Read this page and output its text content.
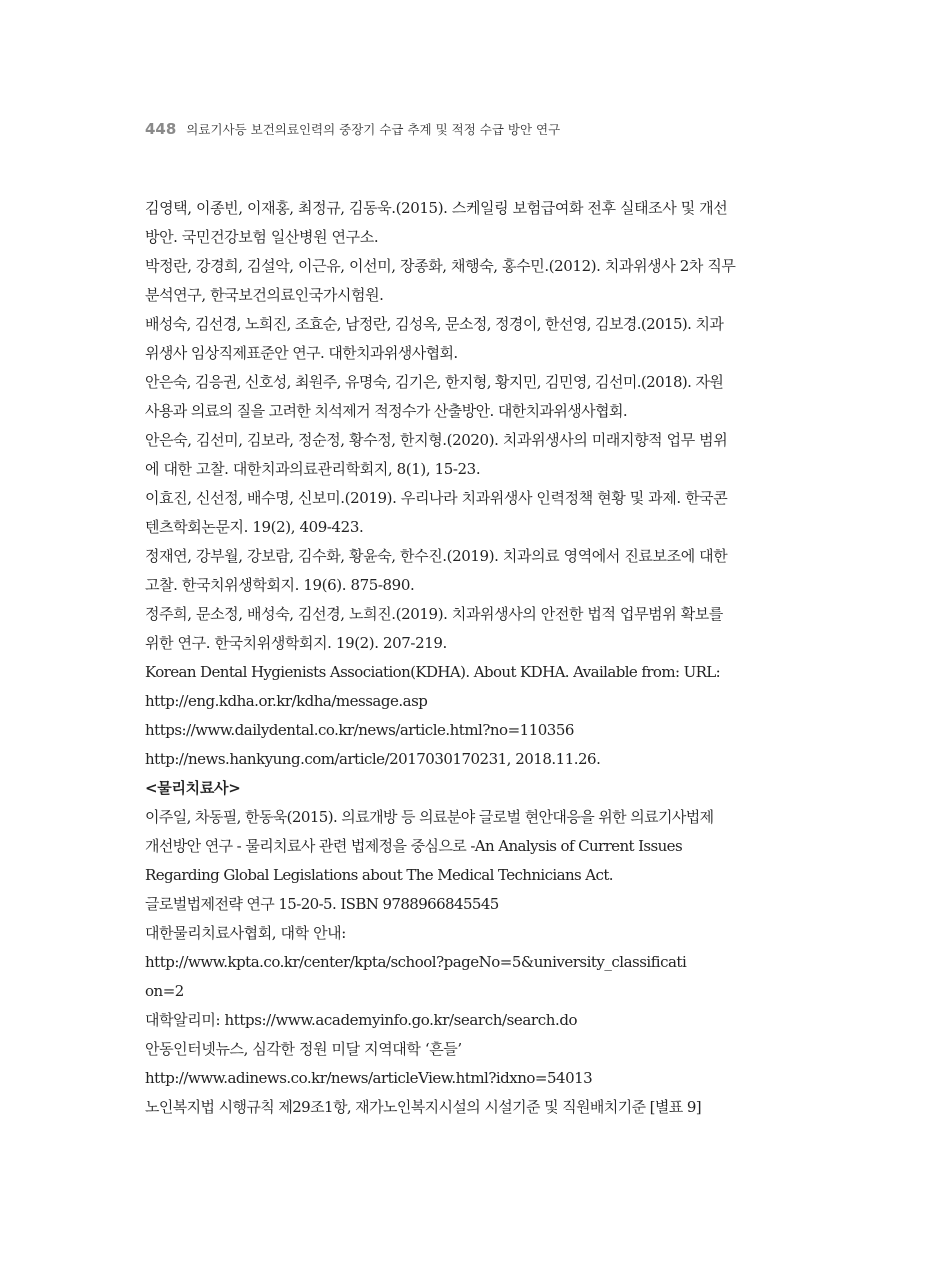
448 의료기사등 보건의료인력의 중장기 수급 추계 및 적정 수급 방안 연구
김영택, 이종빈, 이재홍, 최정규, 김동욱.(2015). 스케일링 보험급여화 전후 실태조사 및 개선
방안. 국민건강보험 일산병원 연구소.
박정란, 강경희, 김설악, 이근유, 이선미, 장종화, 채행숙, 홍수민.(2012). 치과위생사 2차 직무
분석연구, 한국보건의료인국가시험원.
배성숙, 김선경, 노희진, 조효순, 남정란, 김성옥, 문소정, 정경이, 한선영, 김보경.(2015). 치과
위생사 임상직제표준안 연구. 대한치과위생사협회.
안은숙, 김응권, 신호성, 최원주, 유명숙, 김기은, 한지형, 황지민, 김민영, 김선미.(2018). 자원
사용과 의료의 질을 고려한 치석제거 적정수가 산출방안. 대한치과위생사협회.
안은숙, 김선미, 김보라, 정순정, 황수정, 한지형.(2020). 치과위생사의 미래지향적 업무 범위
에 대한 고찰. 대한치과의료관리학회지, 8(1), 15-23.
이효진, 신선정, 배수명, 신보미.(2019). 우리나라 치과위생사 인력정책 현황 및 과제. 한국콘
텐츠학회논문지. 19(2), 409-423.
정재연, 강부월, 강보람, 김수화, 황윤숙, 한수진.(2019). 치과의료 영역에서 진료보조에 대한
고찰. 한국치위생학회지. 19(6). 875-890.
정주희, 문소정, 배성숙, 김선경, 노희진.(2019). 치과위생사의 안전한 법적 업무범위 확보를
위한 연구. 한국치위생학회지. 19(2). 207-219.
Korean Dental Hygienists Association(KDHA). About KDHA. Available from: URL:
http://eng.kdha.or.kr/kdha/message.asp
https://www.dailydental.co.kr/news/article.html?no=110356
http://news.hankyung.com/article/2017030170231, 2018.11.26.
<물리치료사>
이주일, 차동필, 한동욱(2015). 의료개방 등 의료분야 글로벌 현안대응을 위한 의료기사법제
개선방안 연구 - 물리치료사 관련 법제정을 중심으로 -An Analysis of Current Issues
Regarding Global Legislations about The Medical Technicians Act.
글로벌법제전략 연구 15-20-5. ISBN 9788966845545
대한물리치료사협회, 대학 안내:
http://www.kpta.co.kr/center/kpta/school?pageNo=5&university_classificati
on=2
대학알리미: https://www.academyinfo.go.kr/search/search.do
안동인터넷뉴스, 심각한 정원 미달 지역대학 ‘흔들’
http://www.adinews.co.kr/news/articleView.html?idxno=54013
노인복지법 시행규칙 제29조1항, 재가노인복지시설의 시설기준 및 직원배치기준 [별표 9]
